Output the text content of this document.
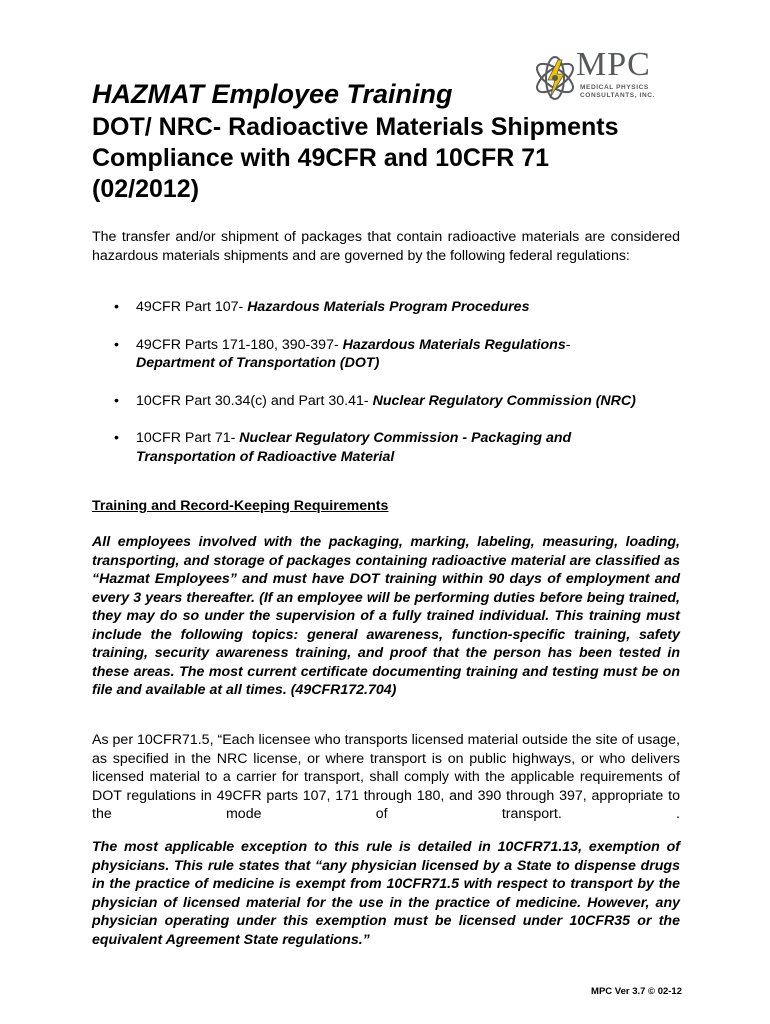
MPC
MEDICAL PHYSICS
CONSULTANTS, INC.
HAZMAT Employee Training
DOT/ NRC- Radioactive Materials Shipments
Compliance with 49CFR and 10CFR 71
(02/2012)
The transfer and/or shipment of packages that contain radioactive materials are considered hazardous materials shipments and are governed by the following federal regulations:
• 49CFR Part 107- Hazardous Materials Program Procedures
• 49CFR Parts 171-180, 390-397- Hazardous Materials Regulations-
Department of Transportation (DOT)
• 10CFR Part 30.34(c) and Part 30.41- Nuclear Regulatory Commission (NRC)
• 10CFR Part 71- Nuclear Regulatory Commission - Packaging and Transportation of Radioactive Material
Training and Record-Keeping Requirements
All employees involved with the packaging, marking, labeling, measuring, loading, transporting, and storage of packages containing radioactive material are classified as “Hazmat Employees” and must have DOT training within 90 days of employment and every 3 years thereafter. (If an employee will be performing duties before being trained, they may do so under the supervision of a fully trained individual. This training must include the following topics: general awareness, function-specific training, safety training, security awareness training, and proof that the person has been tested in these areas. The most current certificate documenting training and testing must be on file and available at all times. (49CFR172.704)
As per 10CFR71.5, “Each licensee who transports licensed material outside the site of usage, as specified in the NRC license, or where transport is on public highways, or who delivers licensed material to a carrier for transport, shall comply with the applicable requirements of DOT regulations in 49CFR parts 107, 171 through 180, and 390 through 397, appropriate to the mode of transport. .
The most applicable exception to this rule is detailed in 10CFR71.13, exemption of physicians. This rule states that “any physician licensed by a State to dispense drugs in the practice of medicine is exempt from 10CFR71.5 with respect to transport by the physician of licensed material for the use in the practice of medicine. However, any physician operating under this exemption must be licensed under 10CFR35 or the equivalent Agreement State regulations.”
MPC Ver 3.7 © 02-12
